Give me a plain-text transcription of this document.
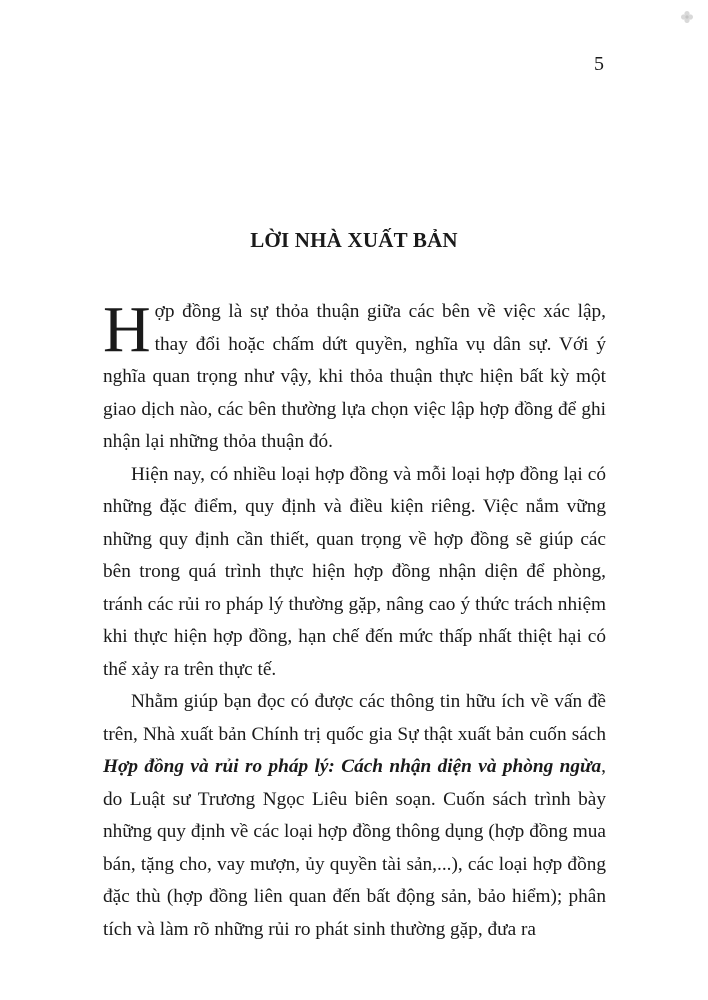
5
LỜI NHÀ XUẤT BẢN

Hợp đồng là sự thỏa thuận giữa các bên về việc xác lập, thay đổi hoặc chấm dứt quyền, nghĩa vụ dân sự. Với ý nghĩa quan trọng như vậy, khi thỏa thuận thực hiện bất kỳ một giao dịch nào, các bên thường lựa chọn việc lập hợp đồng để ghi nhận lại những thỏa thuận đó.

Hiện nay, có nhiều loại hợp đồng và mỗi loại hợp đồng lại có những đặc điểm, quy định và điều kiện riêng. Việc nắm vững những quy định cần thiết, quan trọng về hợp đồng sẽ giúp các bên trong quá trình thực hiện hợp đồng nhận diện để phòng, tránh các rủi ro pháp lý thường gặp, nâng cao ý thức trách nhiệm khi thực hiện hợp đồng, hạn chế đến mức thấp nhất thiệt hại có thể xảy ra trên thực tế.

Nhằm giúp bạn đọc có được các thông tin hữu ích về vấn đề trên, Nhà xuất bản Chính trị quốc gia Sự thật xuất bản cuốn sách Hợp đồng và rủi ro pháp lý: Cách nhận diện và phòng ngừa, do Luật sư Trương Ngọc Liêu biên soạn. Cuốn sách trình bày những quy định về các loại hợp đồng thông dụng (hợp đồng mua bán, tặng cho, vay mượn, ủy quyền tài sản,...), các loại hợp đồng đặc thù (hợp đồng liên quan đến bất động sản, bảo hiểm); phân tích và làm rõ những rủi ro phát sinh thường gặp, đưa ra
